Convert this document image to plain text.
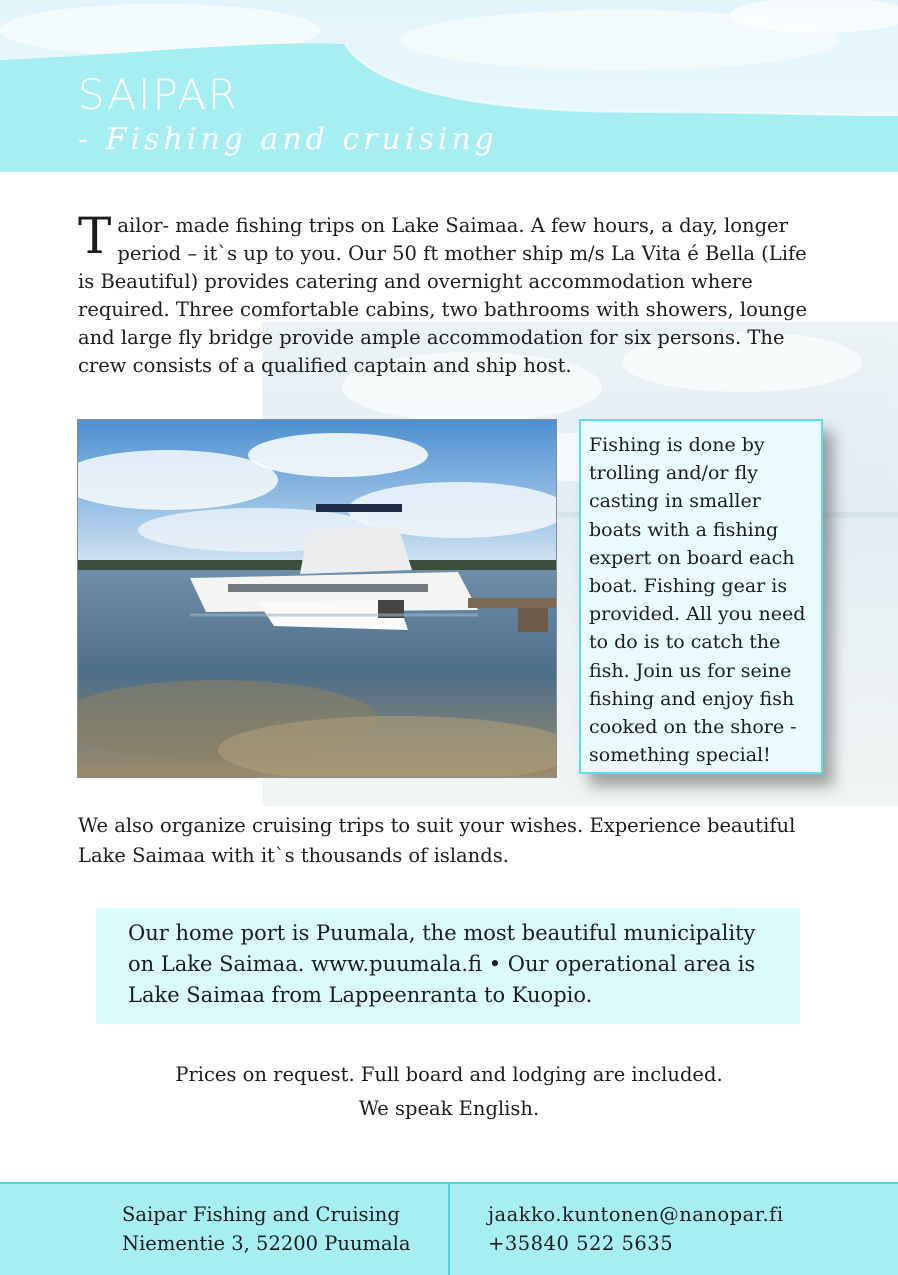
SAIPAR
- Fishing and cruising
T ailor- made fishing trips on Lake Saimaa. A few hours, a day, longer period – it`s up to you. Our 50 ft mother ship m/s La Vita é Bella (Life is Beautiful) provides catering and overnight accommodation where required. Three comfortable cabins, two bathrooms with showers, lounge and large fly bridge provide ample accommodation for six persons. The crew consists of a qualified captain and ship host.
Fishing is done by trolling and/or fly casting in smaller boats with a fishing expert on board each boat. Fishing gear is provided. All you need to do is to catch the fish. Join us for seine fishing and enjoy fish cooked on the shore - something special!
We also organize cruising trips to suit your wishes. Experience beautiful Lake Saimaa with it`s thousands of islands.

Our home port is Puumala, the most beautiful municipality on Lake Saimaa. www.puumala.fi • Our operational area is Lake Saimaa from Lappeenranta to Kuopio.

Prices on request. Full board and lodging are included.
We speak English.
Saipar Fishing and Cruising
Niementie 3, 52200 Puumala
jaakko.kuntonen@nanopar.fi
+35840 522 5635
